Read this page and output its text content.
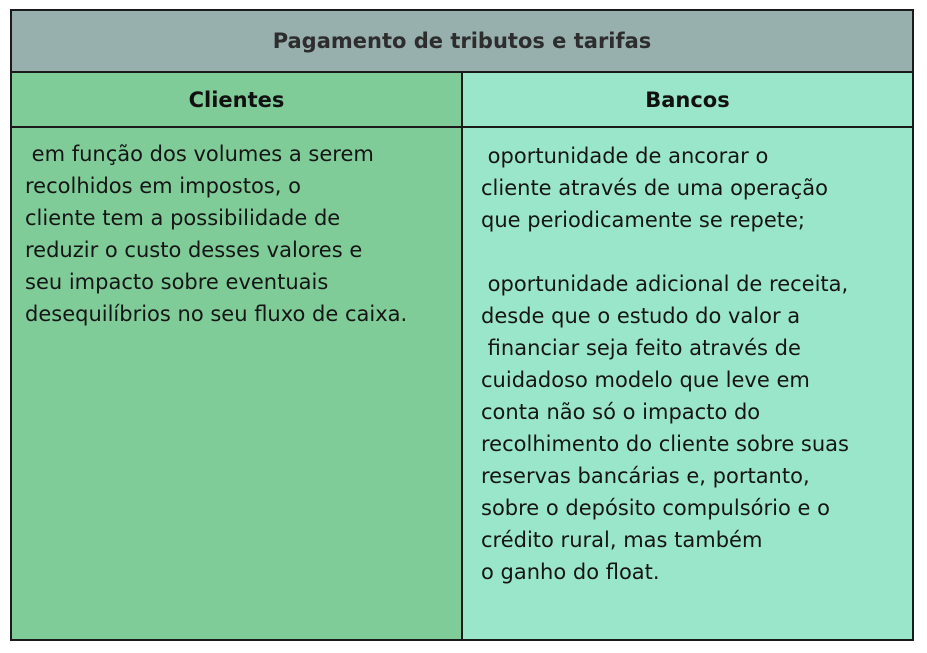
Pagamento de tributos e tarifas
Clientes	Bancos
em função dos volumes a serem
recolhidos em impostos, o
cliente tem a possibilidade de
reduzir o custo desses valores e
seu impacto sobre eventuais
desequilíbrios no seu fluxo de caixa.
oportunidade de ancorar o
cliente através de uma operação
que periodicamente se repete;

oportunidade adicional de receita,
desde que o estudo do valor a
financiar seja feito através de
cuidadoso modelo que leve em
conta não só o impacto do
recolhimento do cliente sobre suas
reservas bancárias e, portanto,
sobre o depósito compulsório e o
crédito rural, mas também
o ganho do float.
